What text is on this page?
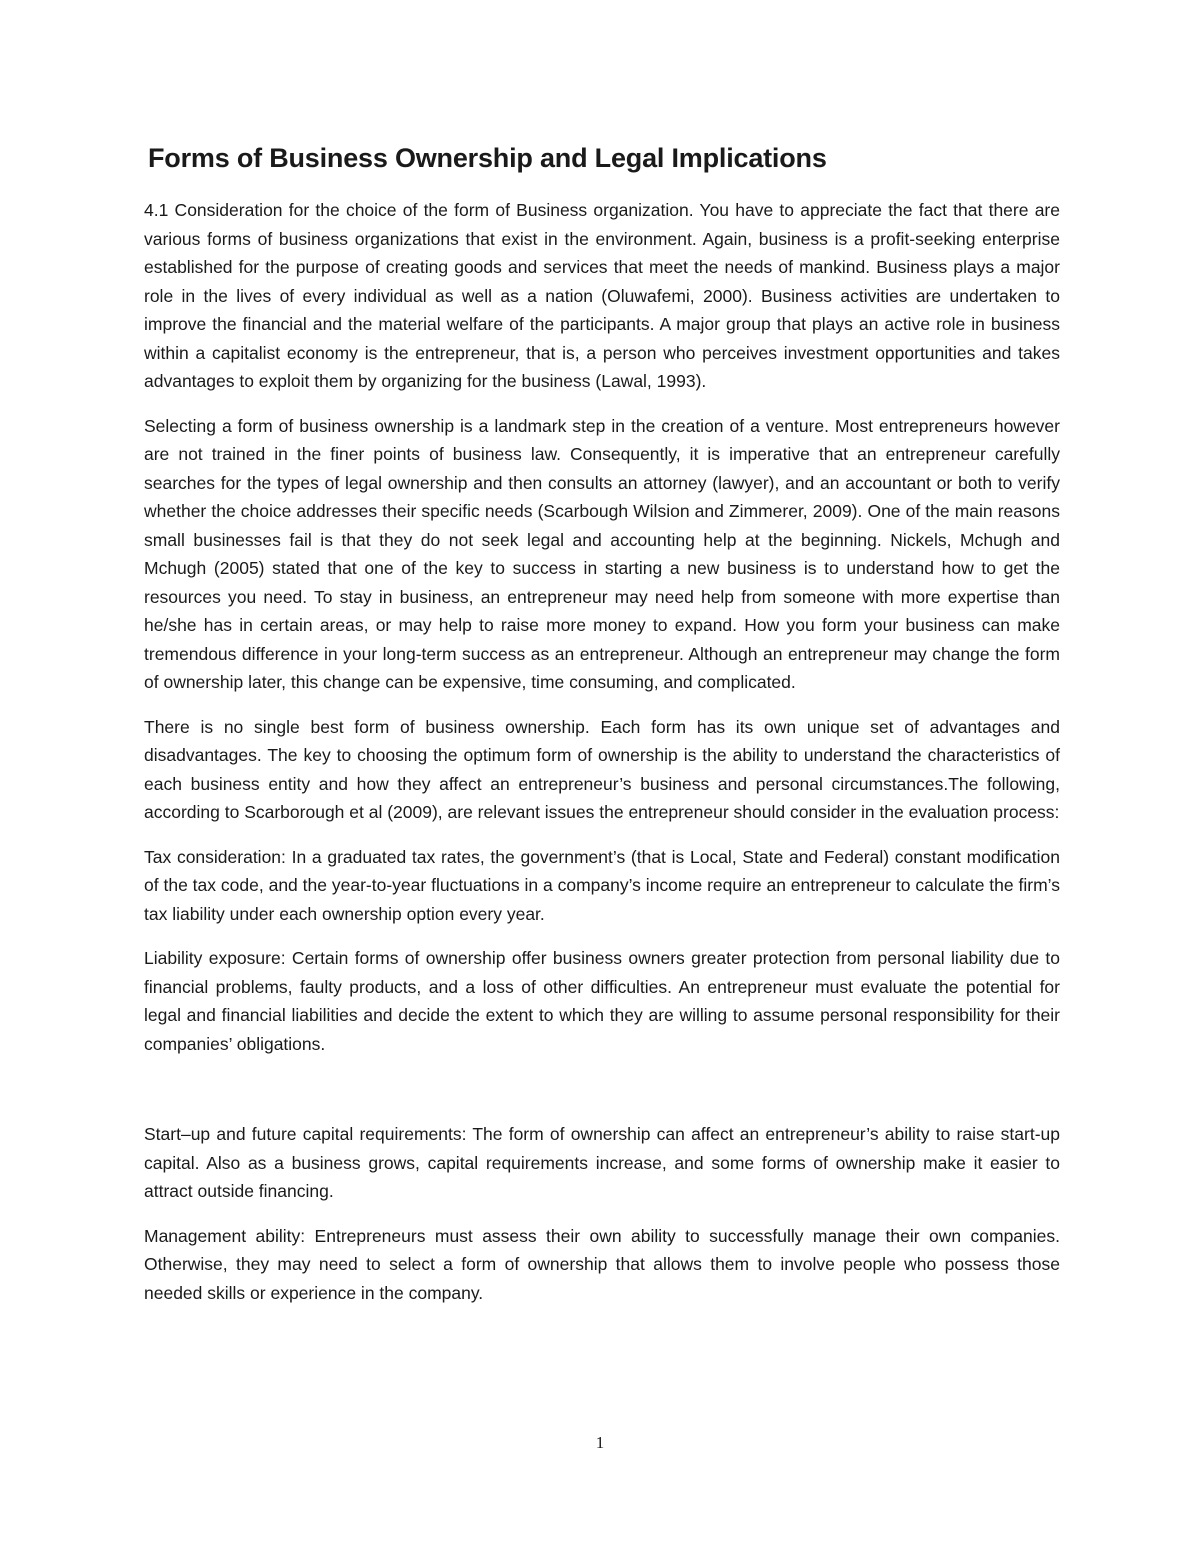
Forms of Business Ownership and Legal Implications

4.1 Consideration for the choice of the form of Business organization. You have to appreciate the fact that there are various forms of business organizations that exist in the environment. Again, business is a profit-seeking enterprise established for the purpose of creating goods and services that meet the needs of mankind. Business plays a major role in the lives of every individual as well as a nation (Oluwafemi, 2000). Business activities are undertaken to improve the financial and the material welfare of the participants. A major group that plays an active role in business within a capitalist economy is the entrepreneur, that is, a person who perceives investment opportunities and takes advantages to exploit them by organizing for the business (Lawal, 1993).

Selecting a form of business ownership is a landmark step in the creation of a venture. Most entrepreneurs however are not trained in the finer points of business law. Consequently, it is imperative that an entrepreneur carefully searches for the types of legal ownership and then consults an attorney (lawyer), and an accountant or both to verify whether the choice addresses their specific needs (Scarbough Wilsion and Zimmerer, 2009). One of the main reasons small businesses fail is that they do not seek legal and accounting help at the beginning. Nickels, Mchugh and Mchugh (2005) stated that one of the key to success in starting a new business is to understand how to get the resources you need. To stay in business, an entrepreneur may need help from someone with more expertise than he/she has in certain areas, or may help to raise more money to expand. How you form your business can make tremendous difference in your long-term success as an entrepreneur. Although an entrepreneur may change the form of ownership later, this change can be expensive, time consuming, and complicated.

There is no single best form of business ownership. Each form has its own unique set of advantages and disadvantages. The key to choosing the optimum form of ownership is the ability to understand the characteristics of each business entity and how they affect an entrepreneur’s business and personal circumstances.The following, according to Scarborough et al (2009), are relevant issues the entrepreneur should consider in the evaluation process:

Tax consideration: In a graduated tax rates, the government’s (that is Local, State and Federal) constant modification of the tax code, and the year-to-year fluctuations in a company’s income require an entrepreneur to calculate the firm’s tax liability under each ownership option every year.

Liability exposure: Certain forms of ownership offer business owners greater protection from personal liability due to financial problems, faulty products, and a loss of other difficulties. An entrepreneur must evaluate the potential for legal and financial liabilities and decide the extent to which they are willing to assume personal responsibility for their companies’ obligations.

Start–up and future capital requirements: The form of ownership can affect an entrepreneur’s ability to raise start-up capital. Also as a business grows, capital requirements increase, and some forms of ownership make it easier to attract outside financing.

Management ability: Entrepreneurs must assess their own ability to successfully manage their own companies. Otherwise, they may need to select a form of ownership that allows them to involve people who possess those needed skills or experience in the company.

1
